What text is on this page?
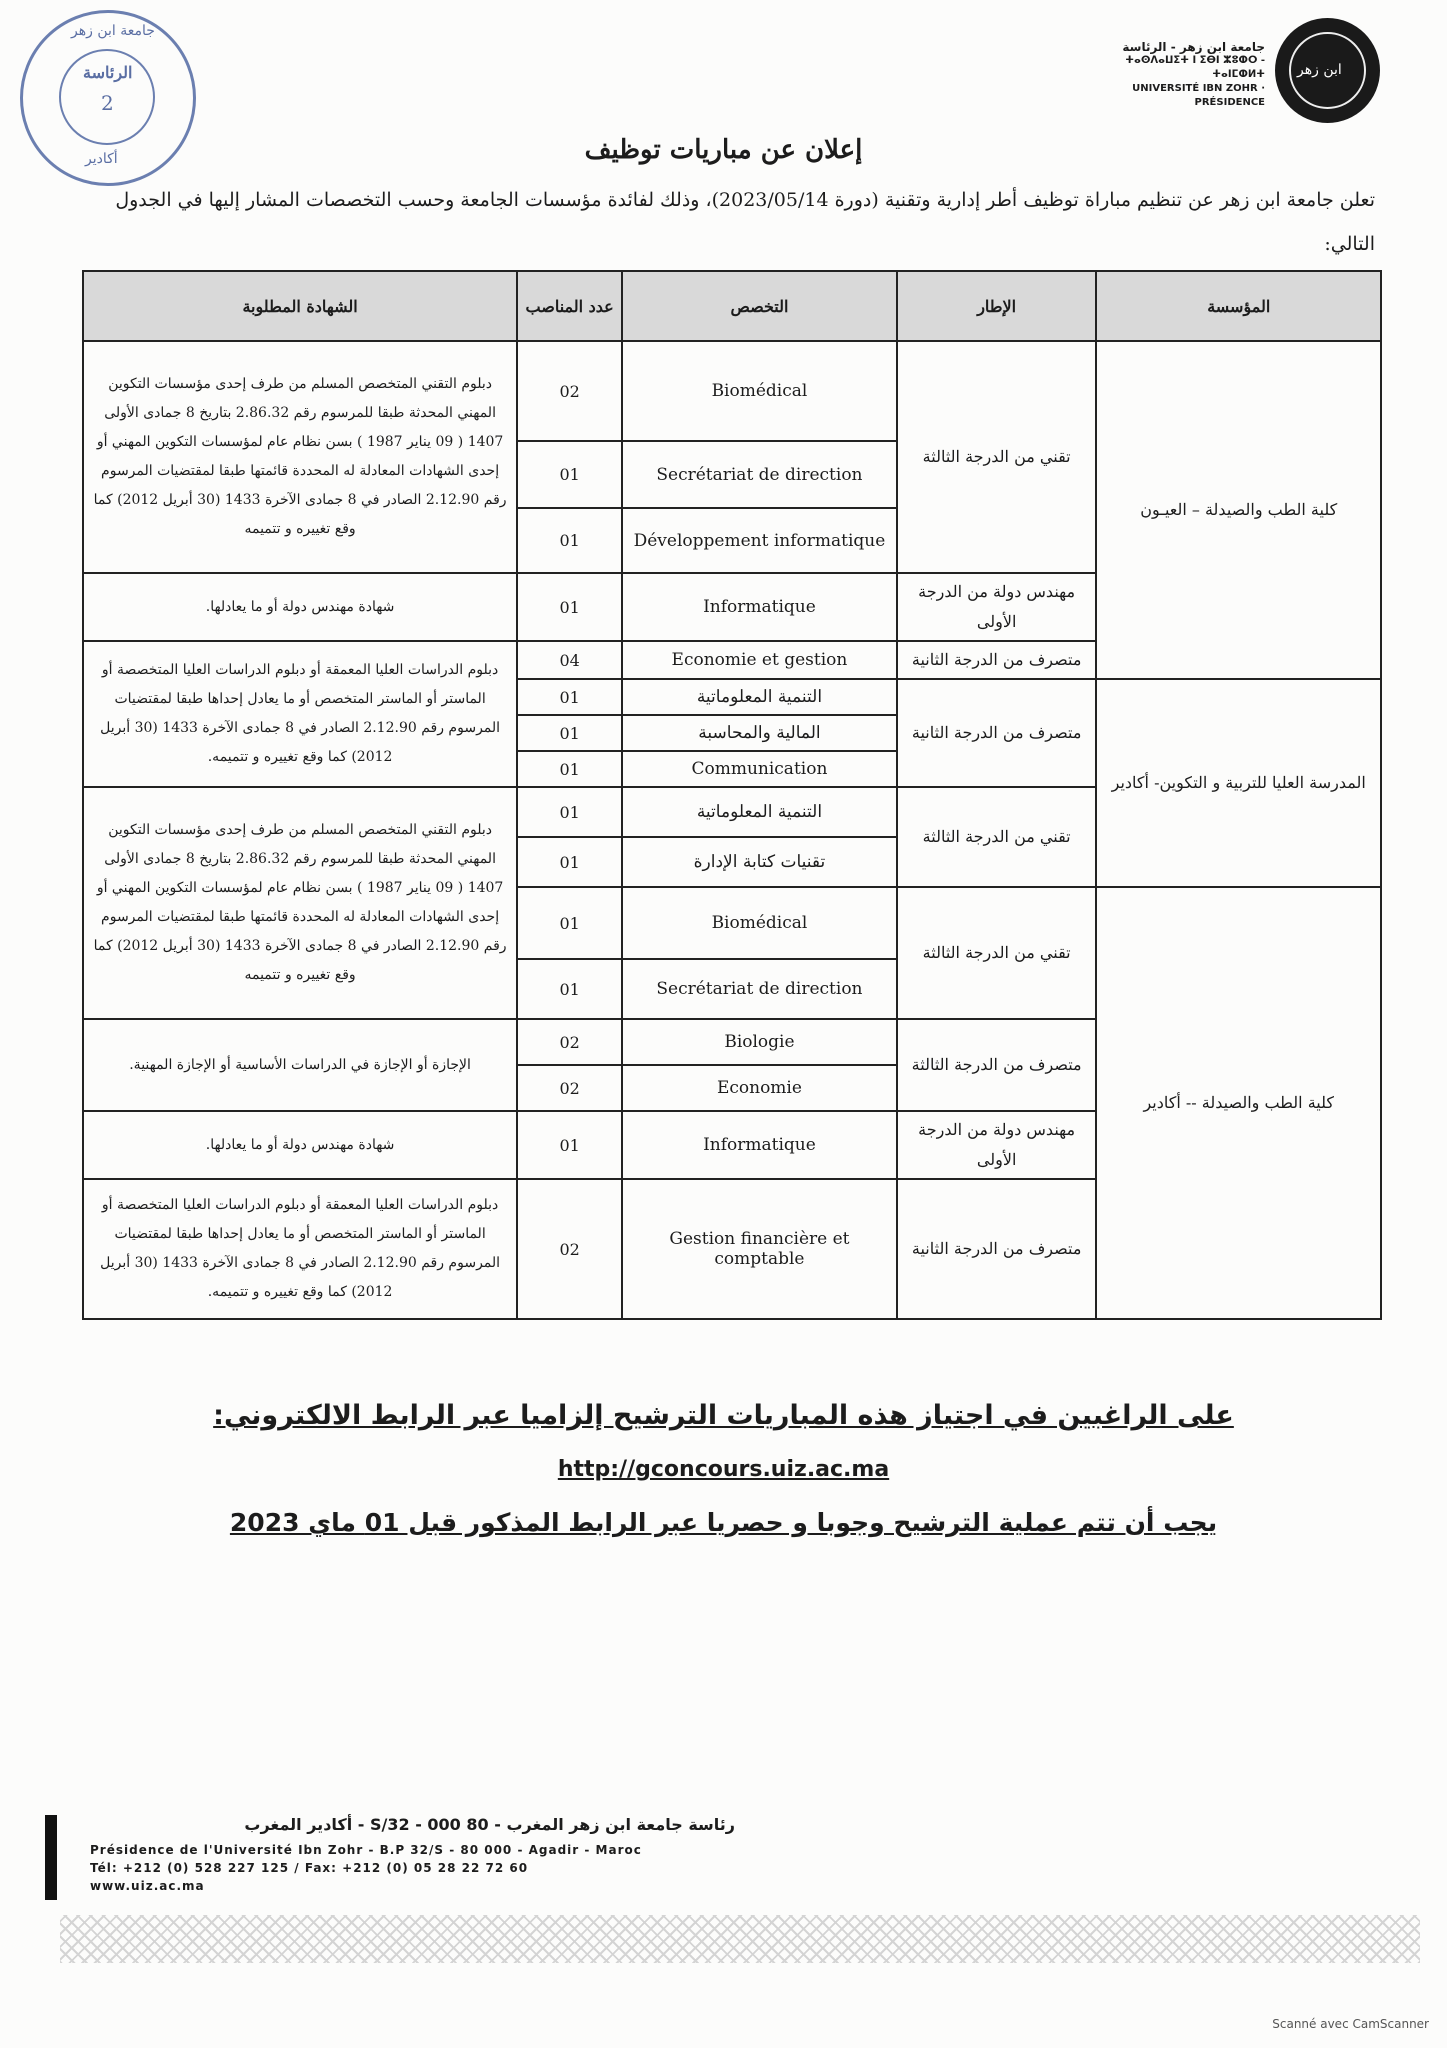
جامعة ابن زهر
الرئاسة
2
أكادير
جامعة ابن زهر - الرئاسة
ⵜⴰⵙⴷⴰⵡⵉⵜ ⵏ ⵉⴱⵏ ⵣⵓⵀⵔ - ⵜⴰⵏⵎⵀⵍⵜ
UNIVERSITÉ IBN ZOHR · PRÉSIDENCE
ابن زهر
إعلان عن مباريات توظيف
تعلن جامعة ابن زهر عن تنظيم مباراة توظيف أطر إدارية وتقنية (دورة 2023/05/14)، وذلك لفائدة مؤسسات الجامعة وحسب التخصصات المشار إليها في الجدول التالي:
المؤسسة	الإطار	التخصص	عدد المناصب	الشهادة المطلوبة
كلية الطب والصيدلة – العيـون	تقني من الدرجة الثالثة	Biomédical	02	دبلوم التقني المتخصص المسلم من طرف إحدى مؤسسات التكوين المهني المحدثة طبقا للمرسوم رقم 2.86.32 بتاريخ 8 جمادى الأولى 1407 ( 09 يناير 1987 ) بسن نظام عام لمؤسسات التكوين المهني أو إحدى الشهادات المعادلة له المحددة قائمتها طبقا لمقتضيات المرسوم رقم 2.12.90 الصادر في 8 جمادى الآخرة 1433 (30 أبريل 2012) كما وقع تغييره و تتميمه
		Secrétariat de direction	01	
		Développement informatique	01	
	مهندس دولة من الدرجة الأولى	Informatique	01	شهادة مهندس دولة أو ما يعادلها.
	متصرف من الدرجة الثانية	Economie et gestion	04	دبلوم الدراسات العليا المعمقة أو دبلوم الدراسات العليا المتخصصة أو الماستر أو الماستر المتخصص أو ما يعادل إحداها طبقا لمقتضيات المرسوم رقم 2.12.90 الصادر في 8 جمادى الآخرة 1433 (30 أبريل 2012) كما وقع تغييره و تتميمه.
المدرسة العليا للتربية و التكوين- أكادير	متصرف من الدرجة الثانية	التنمية المعلوماتية	01	
		المالية والمحاسبة	01	
		Communication	01	
	تقني من الدرجة الثالثة	التنمية المعلوماتية	01	دبلوم التقني المتخصص المسلم من طرف إحدى مؤسسات التكوين المهني المحدثة طبقا للمرسوم رقم 2.86.32 بتاريخ 8 جمادى الأولى 1407 ( 09 يناير 1987 ) بسن نظام عام لمؤسسات التكوين المهني أو إحدى الشهادات المعادلة له المحددة قائمتها طبقا لمقتضيات المرسوم رقم 2.12.90 الصادر في 8 جمادى الآخرة 1433 (30 أبريل 2012) كما وقع تغييره و تتميمه
		تقنيات كتابة الإدارة	01	
كلية الطب والصيدلة -- أكادير	تقني من الدرجة الثالثة	Biomédical	01	
		Secrétariat de direction	01	
	متصرف من الدرجة الثالثة	Biologie	02	الإجازة أو الإجازة في الدراسات الأساسية أو الإجازة المهنية.
		Economie	02	
	مهندس دولة من الدرجة الأولى	Informatique	01	شهادة مهندس دولة أو ما يعادلها.
	متصرف من الدرجة الثانية	Gestion financière et comptable	02	دبلوم الدراسات العليا المعمقة أو دبلوم الدراسات العليا المتخصصة أو الماستر أو الماستر المتخصص أو ما يعادل إحداها طبقا لمقتضيات المرسوم رقم 2.12.90 الصادر في 8 جمادى الآخرة 1433 (30 أبريل 2012) كما وقع تغييره و تتميمه.
على الراغبين في اجتياز هذه المباريات الترشيح إلزاميا عبر الرابط الالكتروني:
http://gconcours.uiz.ac.ma
يجب أن تتم عملية الترشيح وجوبا و حصريا عبر الرابط المذكور قبل 01 ماي 2023
رئاسة جامعة ابن زهر المغرب - 80 000 - 32/S - أكادير المغرب
Présidence de l'Université Ibn Zohr - B.P 32/S - 80 000 - Agadir - Maroc
Tél: +212 (0) 528 227 125 / Fax: +212 (0) 05 28 22 72 60
www.uiz.ac.ma
Scanné avec CamScanner
